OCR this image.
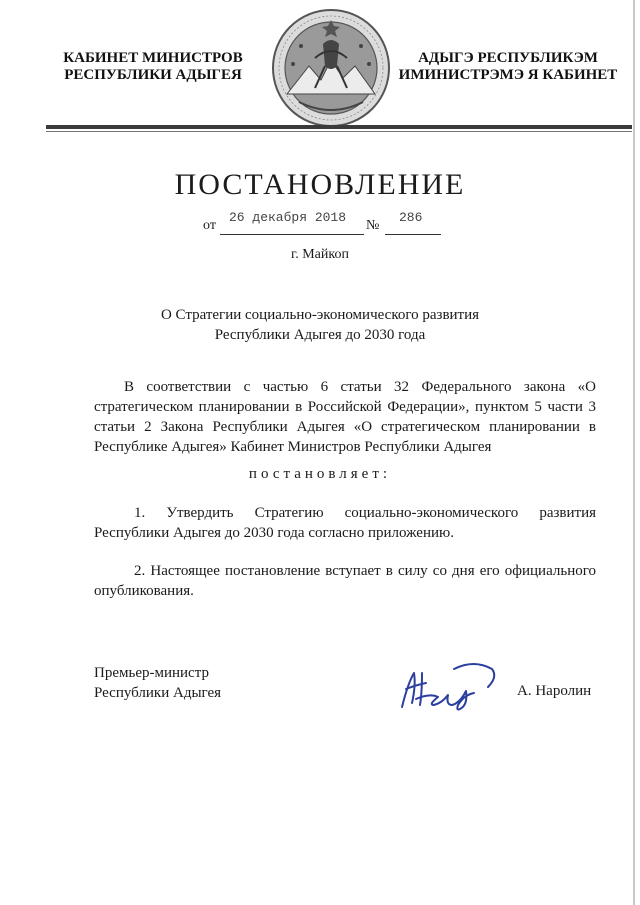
КАБИНЕТ МИНИСТРОВ
РЕСПУБЛИКИ АДЫГЕЯ
АДЫГЭ РЕСПУБЛИКЭМ
ИМИНИСТРЭМЭ Я КАБИНЕТ
ПОСТАНОВЛЕНИЕ
от
26 декабря 2018
№
286
г. Майкоп
О Стратегии социально-экономического развития
Республики Адыгея до 2030 года
В соответствии с частью 6 статьи 32 Федерального закона «О стратегическом планировании в Российской Федерации», пунктом 5 части 3 статьи 2 Закона Республики Адыгея «О стратегическом планировании в Республике Адыгея» Кабинет Министров Республики Адыгея
постановляет:
1. Утвердить Стратегию социально-экономического развития Республики Адыгея до 2030 года согласно приложению.
2. Настоящее постановление вступает в силу со дня его официального опубликования.
Премьер-министр
Республики Адыгея	А. Наролин
